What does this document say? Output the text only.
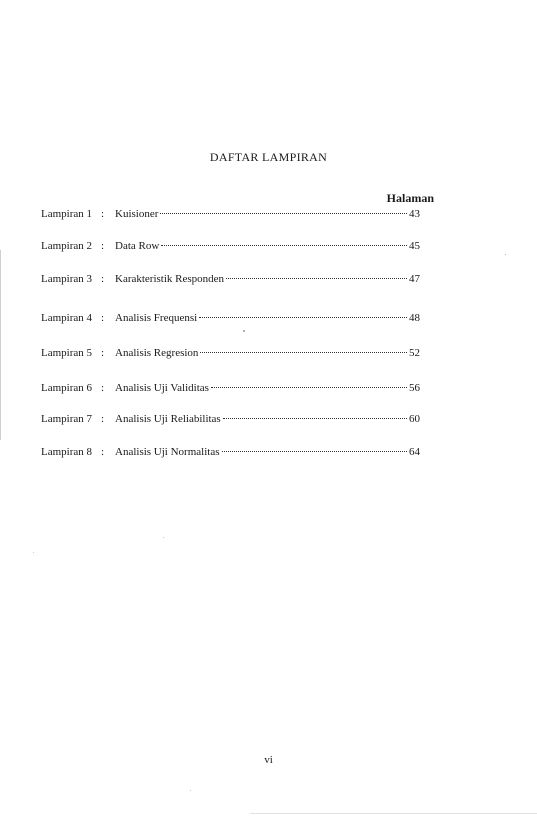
DAFTAR LAMPIRAN
Halaman
Lampiran 1 : Kuisioner	43
Lampiran 2 : Data Row	45
Lampiran 3 : Karakteristik Responden	47
Lampiran 4 : Analisis Frequensi	48
Lampiran 5 : Analisis Regresion	52
Lampiran 6 : Analisis Uji Validitas	56
Lampiran 7 : Analisis Uji Reliabilitas	60
Lampiran 8 : Analisis Uji Normalitas	64
vi
